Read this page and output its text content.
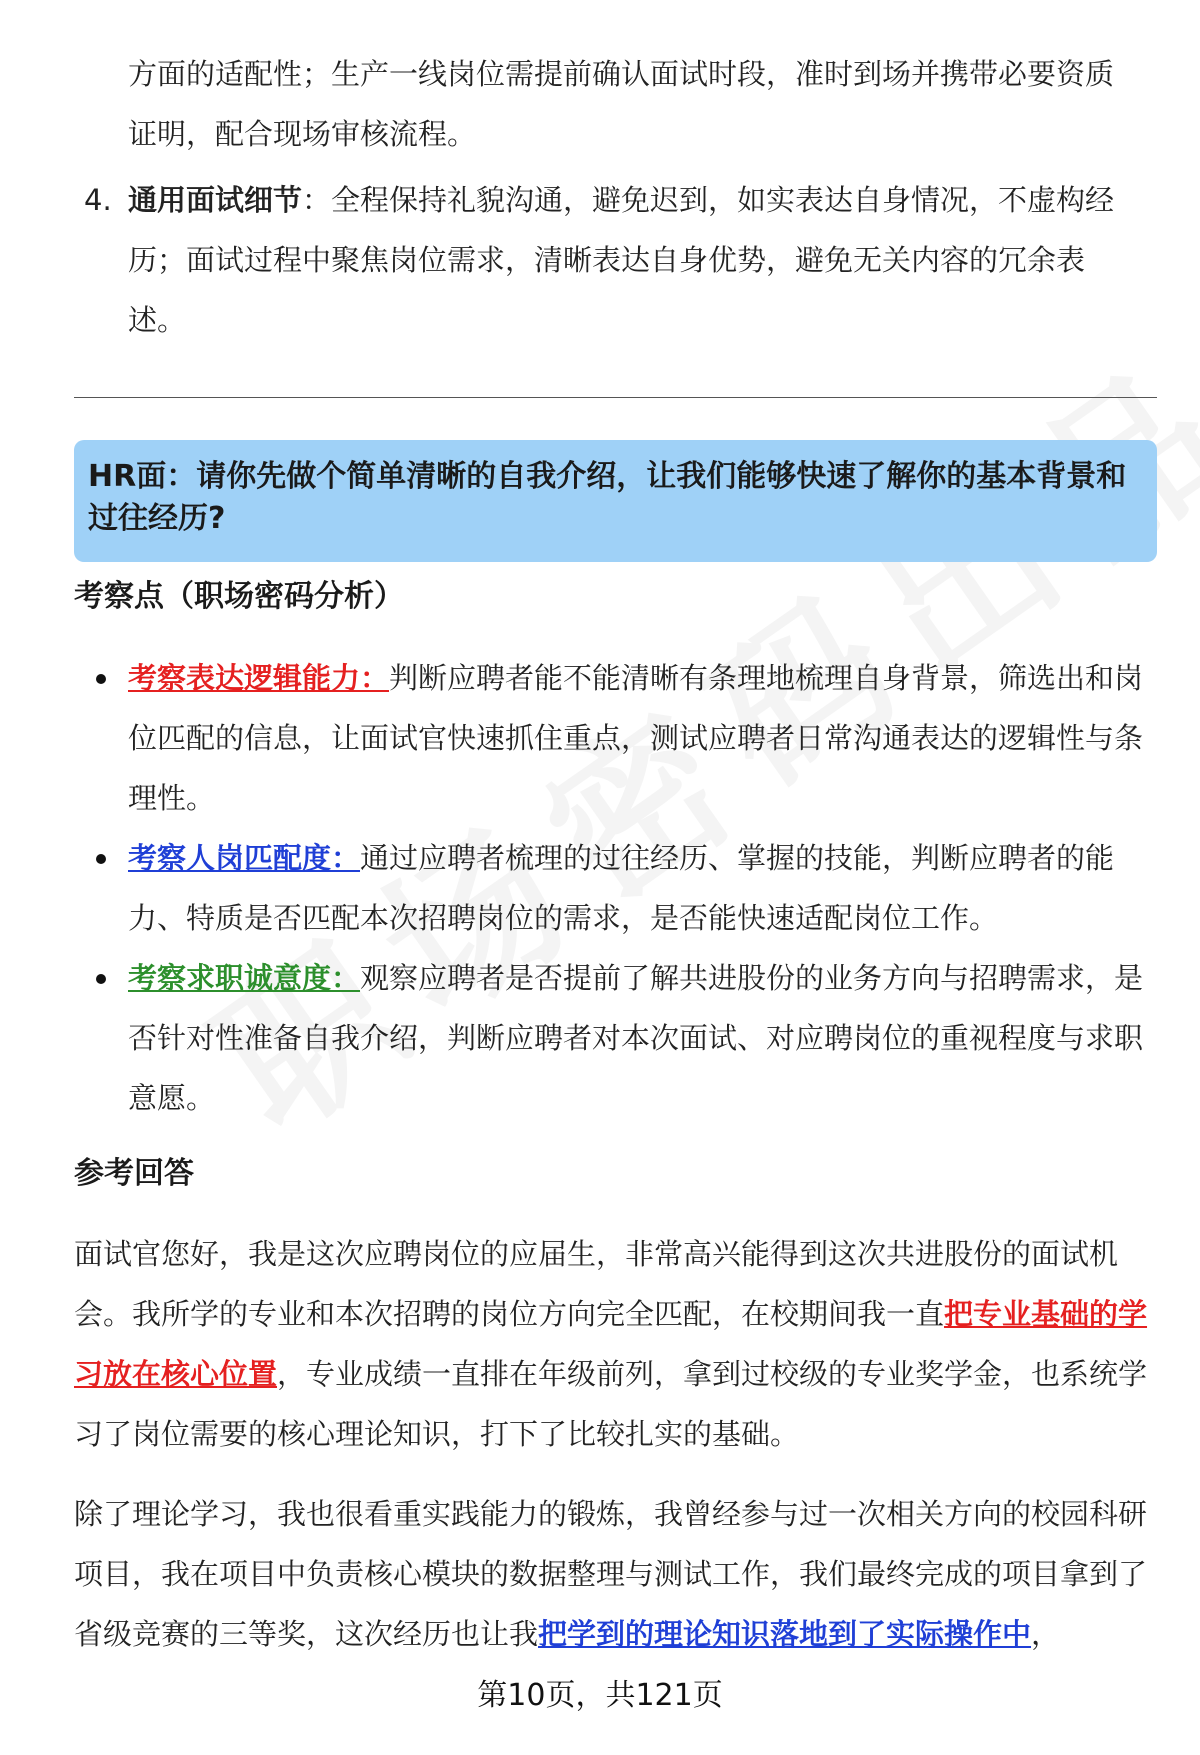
方面的适配性；生产一线岗位需提前确认面试时段，准时到场并携带必要资质
证明，配合现场审核流程。
4. 通用面试细节：全程保持礼貌沟通，避免迟到，如实表达自身情况，不虚构经
历；面试过程中聚焦岗位需求，清晰表达自身优势，避免无关内容的冗余表
述。
HR面：请你先做个简单清晰的自我介绍，让我们能够快速了解你的基本背景和过往经历?
考察点（职场密码分析）
考察表达逻辑能力：判断应聘者能不能清晰有条理地梳理自身背景，筛选出和岗位匹配的信息，让面试官快速抓住重点，测试应聘者日常沟通表达的逻辑性与条理性。
考察人岗匹配度：通过应聘者梳理的过往经历、掌握的技能，判断应聘者的能力、特质是否匹配本次招聘岗位的需求，是否能快速适配岗位工作。
考察求职诚意度：观察应聘者是否提前了解共进股份的业务方向与招聘需求，是否针对性准备自我介绍，判断应聘者对本次面试、对应聘岗位的重视程度与求职意愿。
参考回答
面试官您好，我是这次应聘岗位的应届生，非常高兴能得到这次共进股份的面试机会。我所学的专业和本次招聘的岗位方向完全匹配，在校期间我一直把专业基础的学习放在核心位置，专业成绩一直排在年级前列，拿到过校级的专业奖学金，也系统学习了岗位需要的核心理论知识，打下了比较扎实的基础。
除了理论学习，我也很看重实践能力的锻炼，我曾经参与过一次相关方向的校园科研项目，我在项目中负责核心模块的数据整理与测试工作，我们最终完成的项目拿到了省级竞赛的三等奖，这次经历也让我把学到的理论知识落地到了实际操作中，
第10页，共121页
